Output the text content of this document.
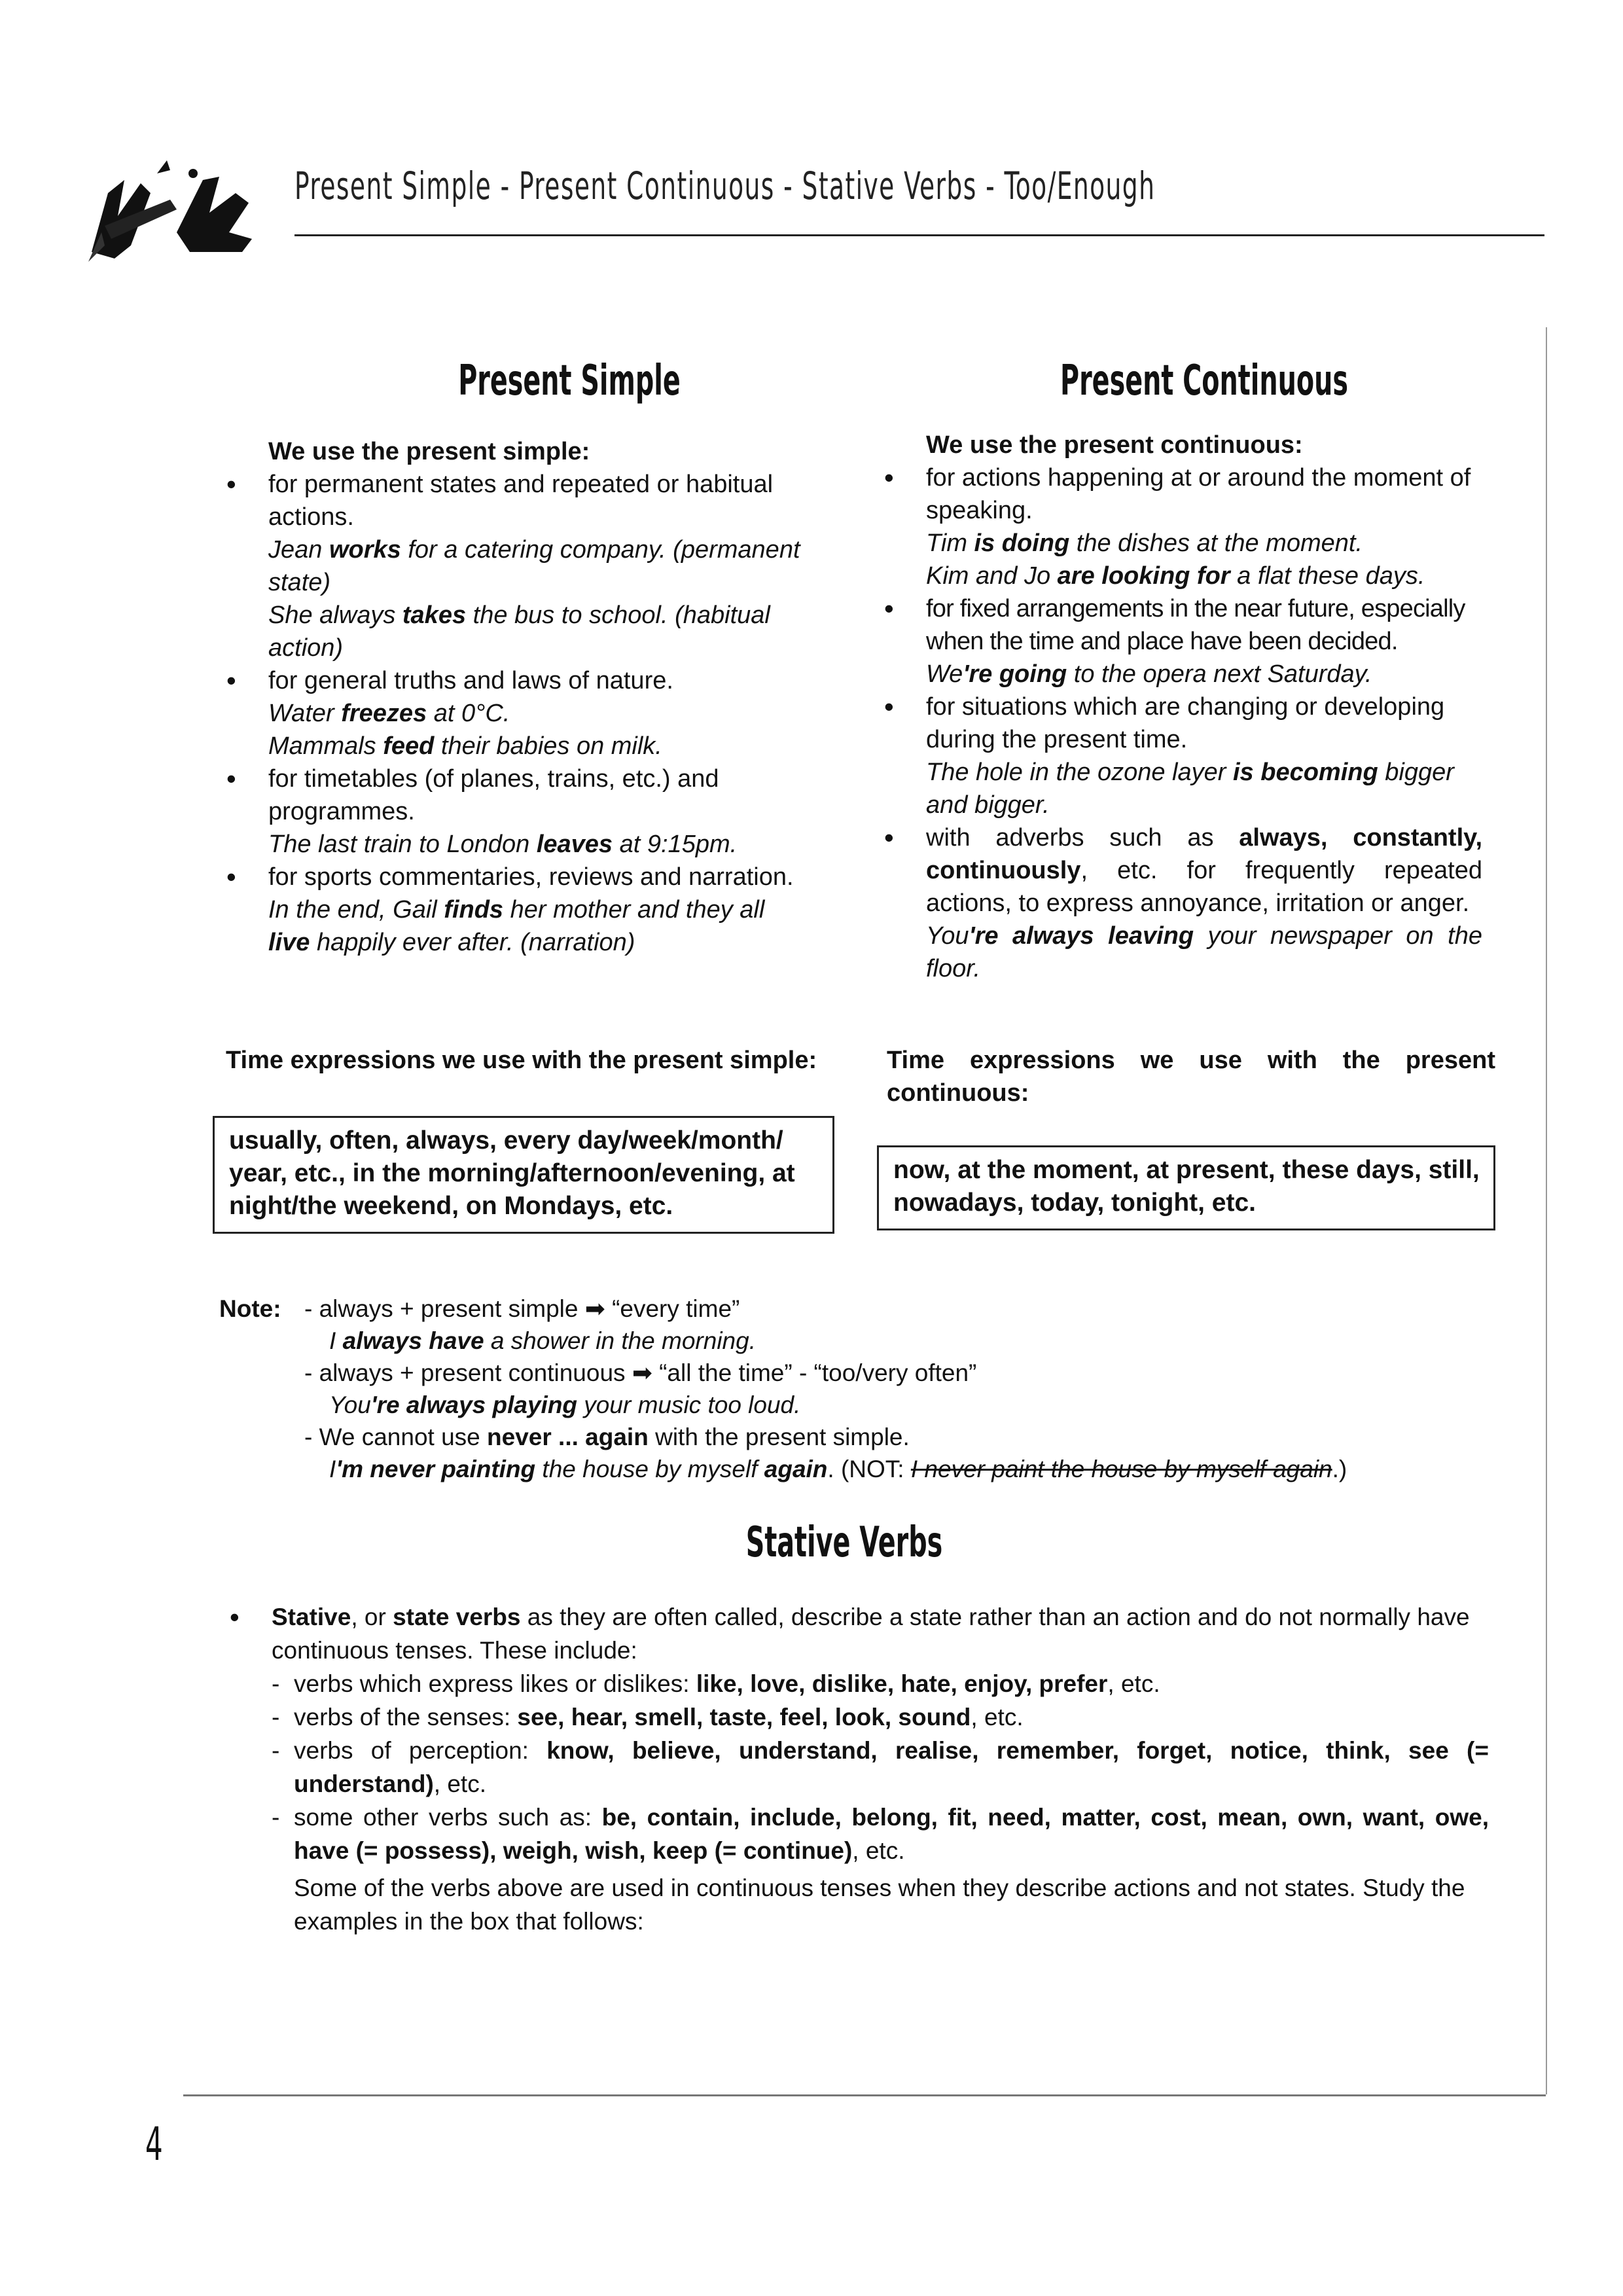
Present Simple - Present Continuous - Stative Verbs - Too/Enough
Present Simple
We use the present simple:
• for permanent states and repeated or habitual actions.
Jean works for a catering company. (permanent state)
She always takes the bus to school. (habitual action)
• for general truths and laws of nature.
Water freezes at 0°C.
Mammals feed their babies on milk.
• for timetables (of planes, trains, etc.) and programmes.
The last train to London leaves at 9:15pm.
• for sports commentaries, reviews and narration.
In the end, Gail finds her mother and they all
live happily ever after. (narration)
Time expressions we use with the present simple:
usually, often, always, every day/week/month/ year, etc., in the morning/afternoon/evening, at night/the weekend, on Mondays, etc.
Present Continuous
We use the present continuous:
• for actions happening at or around the moment of speaking.
Tim is doing the dishes at the moment.
Kim and Jo are looking for a flat these days.
• for fixed arrangements in the near future, especially when the time and place have been decided.
We're going to the opera next Saturday.
• for situations which are changing or developing during the present time.
The hole in the ozone layer is becoming bigger and bigger.
• with adverbs such as always, constantly, continuously, etc. for frequently repeated actions, to express annoyance, irritation or anger.
You're always leaving your newspaper on the floor.
Time expressions we use with the present continuous:
now, at the moment, at present, these days, still, nowadays, today, tonight, etc.
Note: - always + present simple ➡ “every time”
I always have a shower in the morning.
- always + present continuous ➡ “all the time” - “too/very often”
You're always playing your music too loud.
- We cannot use never ... again with the present simple.
I'm never painting the house by myself again. (NOT: I never paint the house by myself again.)
Stative Verbs
• Stative, or state verbs as they are often called, describe a state rather than an action and do not normally have continuous tenses. These include:
- verbs which express likes or dislikes: like, love, dislike, hate, enjoy, prefer, etc.
- verbs of the senses: see, hear, smell, taste, feel, look, sound, etc.
- verbs of perception: know, believe, understand, realise, remember, forget, notice, think, see (= understand), etc.
- some other verbs such as: be, contain, include, belong, fit, need, matter, cost, mean, own, want, owe, have (= possess), weigh, wish, keep (= continue), etc.
Some of the verbs above are used in continuous tenses when they describe actions and not states. Study the examples in the box that follows:
4
